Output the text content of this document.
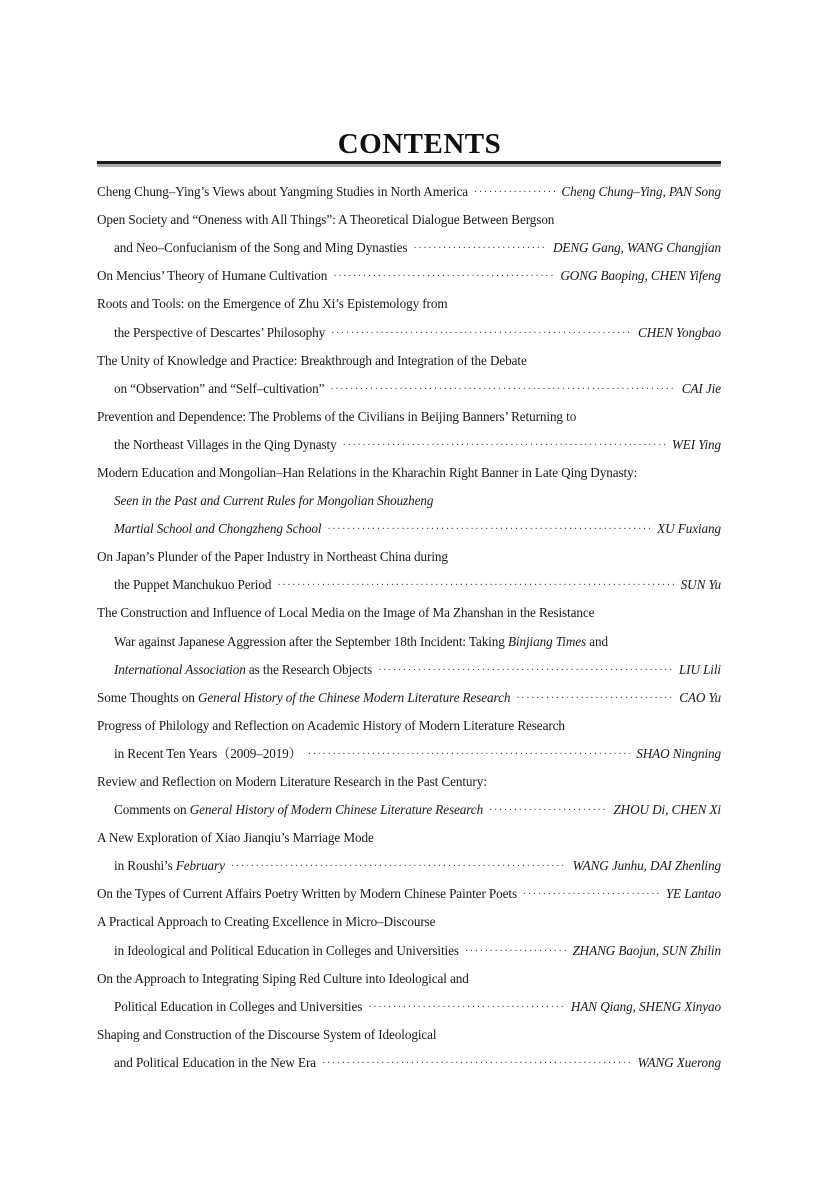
CONTENTS
Cheng Chung–Ying’s Views about Yangming Studies in North America ·····	Cheng Chung–Ying, PAN Song
Open Society and “Oneness with All Things”: A Theoretical Dialogue Between Bergson
and Neo–Confucianism of the Song and Ming Dynasties ·····	DENG Gang, WANG Changjian
On Mencius’ Theory of Humane Cultivation ·····	GONG Baoping, CHEN Yifeng
Roots and Tools: on the Emergence of Zhu Xi’s Epistemology from
the Perspective of Descartes’ Philosophy ·····	CHEN Yongbao
The Unity of Knowledge and Practice: Breakthrough and Integration of the Debate
on “Observation” and “Self–cultivation” ·····	CAI Jie
Prevention and Dependence: The Problems of the Civilians in Beijing Banners’ Returning to
the Northeast Villages in the Qing Dynasty ·····	WEI Ying
Modern Education and Mongolian–Han Relations in the Kharachin Right Banner in Late Qing Dynasty:
Seen in the Past and Current Rules for Mongolian Shouzheng
Martial School and Chongzheng School ·····	XU Fuxiang
On Japan’s Plunder of the Paper Industry in Northeast China during
the Puppet Manchukuo Period ·····	SUN Yu
The Construction and Influence of Local Media on the Image of Ma Zhanshan in the Resistance
War against Japanese Aggression after the September 18th Incident: Taking Binjiang Times and
International Association as the Research Objects ·····	LIU Lili
Some Thoughts on General History of the Chinese Modern Literature Research ·····	CAO Yu
Progress of Philology and Reflection on Academic History of Modern Literature Research
in Recent Ten Years（2009–2019） ·····	SHAO Ningning
Review and Reflection on Modern Literature Research in the Past Century:
Comments on General History of Modern Chinese Literature Research ·····	ZHOU Di, CHEN Xi
A New Exploration of Xiao Jianqiu’s Marriage Mode
in Roushi’s February ·····	WANG Junhu, DAI Zhenling
On the Types of Current Affairs Poetry Written by Modern Chinese Painter Poets ·····	YE Lantao
A Practical Approach to Creating Excellence in Micro–Discourse
in Ideological and Political Education in Colleges and Universities ·····	ZHANG Baojun, SUN Zhilin
On the Approach to Integrating Siping Red Culture into Ideological and
Political Education in Colleges and Universities ·····	HAN Qiang, SHENG Xinyao
Shaping and Construction of the Discourse System of Ideological
and Political Education in the New Era ·····	WANG Xuerong
